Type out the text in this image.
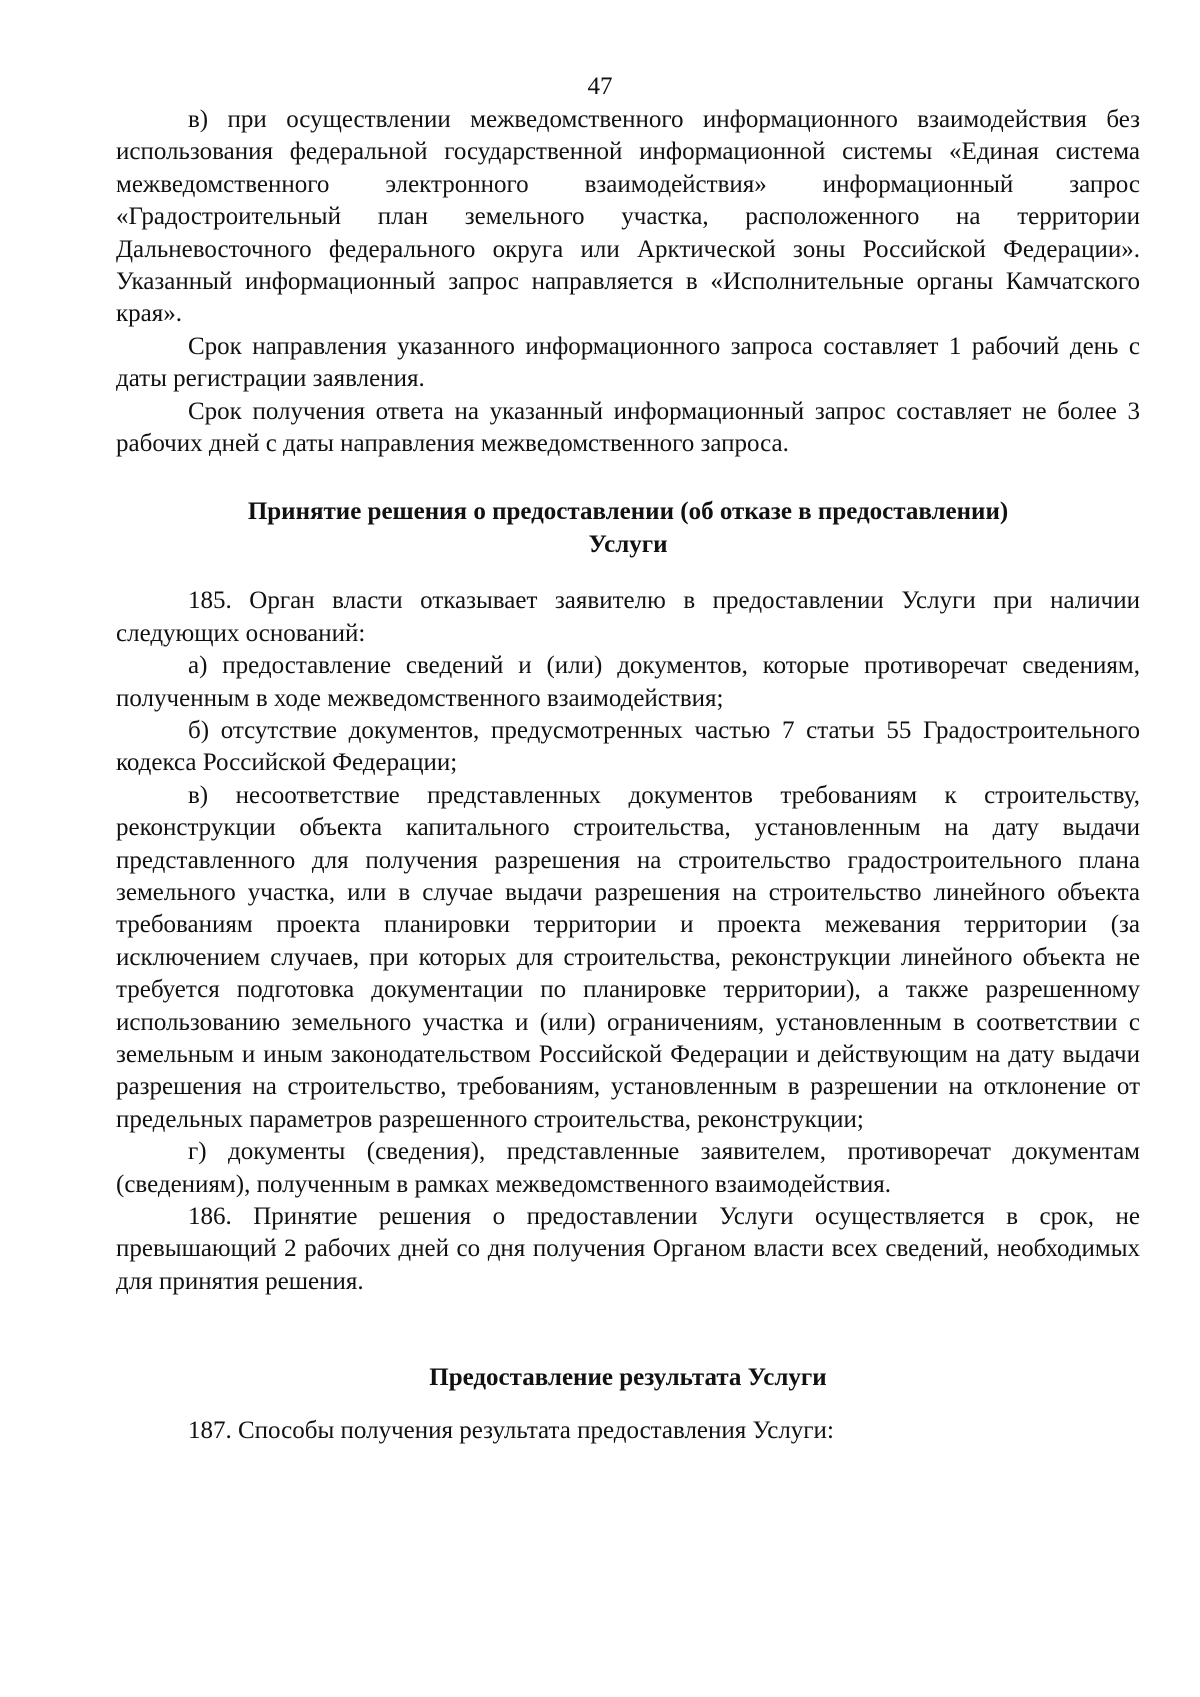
47

в) при осуществлении межведомственного информационного взаимодействия без использования федеральной государственной информационной системы «Единая система межведомственного электронного взаимодействия» информационный запрос «Градостроительный план земельного участка, расположенного на территории Дальневосточного федерального округа или Арктической зоны Российской Федерации». Указанный информационный запрос направляется в «Исполнительные органы Камчатского края».

Срок направления указанного информационного запроса составляет 1 рабочий день с даты регистрации заявления.

Срок получения ответа на указанный информационный запрос составляет не более 3 рабочих дней с даты направления межведомственного запроса.

Принятие решения о предоставлении (об отказе в предоставлении)
Услуги

185. Орган власти отказывает заявителю в предоставлении Услуги при наличии следующих оснований:

а) предоставление сведений и (или) документов, которые противоречат сведениям, полученным в ходе межведомственного взаимодействия;

б) отсутствие документов, предусмотренных частью 7 статьи 55 Градостроительного кодекса Российской Федерации;

в) несоответствие представленных документов требованиям к строительству, реконструкции объекта капитального строительства, установленным на дату выдачи представленного для получения разрешения на строительство градостроительного плана земельного участка, или в случае выдачи разрешения на строительство линейного объекта требованиям проекта планировки территории и проекта межевания территории (за исключением случаев, при которых для строительства, реконструкции линейного объекта не требуется подготовка документации по планировке территории), а также разрешенному использованию земельного участка и (или) ограничениям, установленным в соответствии с земельным и иным законодательством Российской Федерации и действующим на дату выдачи разрешения на строительство, требованиям, установленным в разрешении на отклонение от предельных параметров разрешенного строительства, реконструкции;

г) документы (сведения), представленные заявителем, противоречат документам (сведениям), полученным в рамках межведомственного взаимодействия.

186. Принятие решения о предоставлении Услуги осуществляется в срок, не превышающий 2 рабочих дней со дня получения Органом власти всех сведений, необходимых для принятия решения.

Предоставление результата Услуги

187. Способы получения результата предоставления Услуги:
